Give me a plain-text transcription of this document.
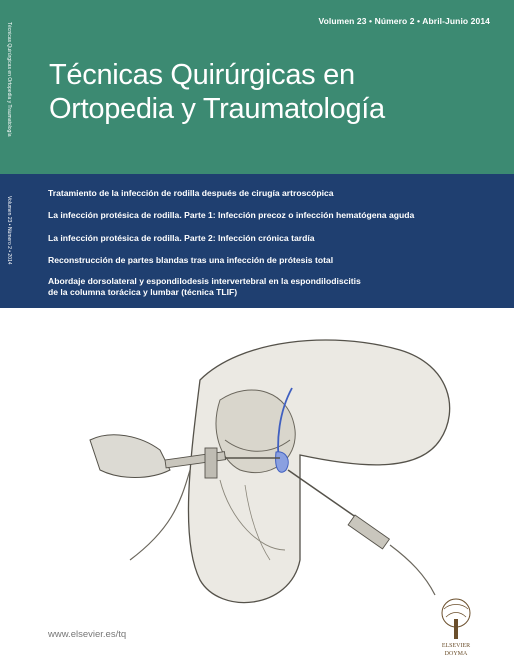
Técnicas Quirúrgicas en Ortopedia y Traumatología
Volumen 23 • Número 2 • 2014
Volumen 23 • Número 2 • Abril-Junio 2014
Técnicas Quirúrgicas en
Ortopedia y Traumatología
Tratamiento de la infección de rodilla después de cirugía artroscópica
La infección protésica de rodilla. Parte 1: Infección precoz o infección hematógena aguda
La infección protésica de rodilla. Parte 2: Infección crónica tardía
Reconstrucción de partes blandas tras una infección de prótesis total
Abordaje dorsolateral y espondilodesis intervertebral en la espondilodiscitis
de la columna torácica y lumbar (técnica TLIF)
www.elsevier.es/tq
ELSEVIER
DOYMA
